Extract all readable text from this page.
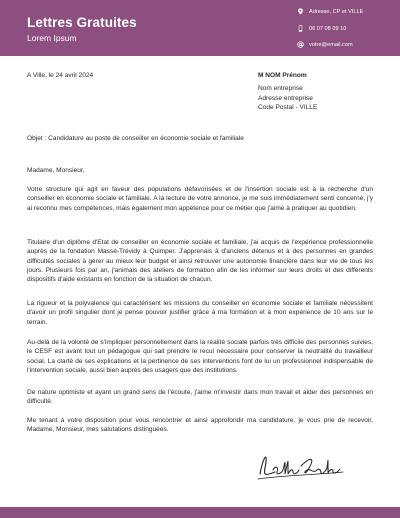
Lettres Gratuites
Lorem Ipsum
Adresse, CP et VILLE
06 07 08 09 10
votre@email.com
A Ville, le 24 avril 2024	M NOM Prénom
Nom entreprise
Adresse entreprise
Code Postal - VILLE
Objet : Candidature au poste de conseiller en économie sociale et familiale
Madame, Monsieur,
Votre structure qui agit en faveur des populations défavorisées et de l'insertion sociale est à la recherche d'un conseiller en économie sociale et familiale. A la lecture de votre annonce, je me suis immédiatement senti concerné, j'y ai reconnu mes compétences, mais également mon appétence pour ce métier que j'aime à pratiquer au quotidien.
Titulaire d'un diplôme d'Etat de conseiller en économie sociale et familiale, j'ai acquis de l'expérience professionnelle auprès de la fondation Massé-Trévidy à Quimper. J'apprenais à d'anciens détenus et à des personnes en grandes difficultés sociales à gérer au mieux leur budget et ainsi retrouver une autonomie financière dans leur vie de tous les jours. Plusieurs fois par an, j'animais des ateliers de formation afin de les informer sur leurs droits et des différents dispositifs d'aide existants en fonction de la situation de chacun.
La rigueur et la polyvalence qui caractérisent les missions du conseiller en économie sociale et familiale nécessitent d'avoir un profil singulier dont je pense pouvoir justifier grâce à ma formation et à mon expérience de 10 ans sur le terrain.
Au-delà de la volonté de s'impliquer personnellement dans la réalité sociale parfois très difficile des personnes suivies, le CESF est avant tout un pédagogue qui sait prendre le recul nécessaire pour conserver la neutralité du travailleur social. La clarté de ses explications et la pertinence de ses interventions font de lui un professionnel indispensable de l'intervention sociale, aussi bien auprès des usagers que des institutions.
De nature optimiste et ayant un grand sens de l'écoute, j'aime m'investir dans mon travail et aider des personnes en difficulté.
Me tenant à votre disposition pour vous rencontrer et ainsi approfondir ma candidature, je vous prie de recevoir, Madame, Monsieur, mes salutations distinguées.
